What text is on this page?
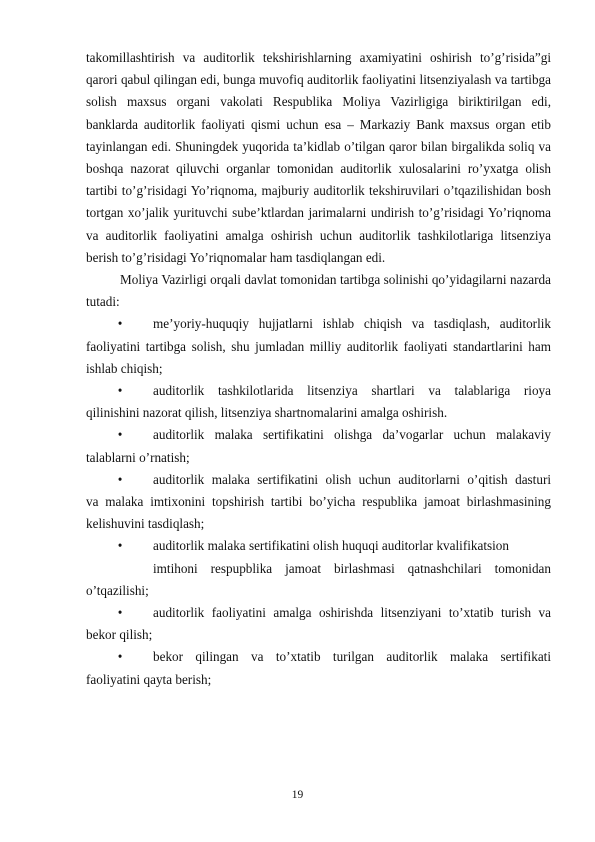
takomillashtirish va auditorlik tekshirishlarning axamiyatini oshirish to’g’risida”gi qarori qabul qilingan edi, bunga muvofiq auditorlik faoliyatini litsenziyalash va tartibga solish maxsus organi vakolati Respublika Moliya Vazirligiga biriktirilgan edi, banklarda auditorlik faoliyati qismi uchun esa – Markaziy Bank maxsus organ etib tayinlangan edi. Shuningdek yuqorida ta’kidlab o’tilgan qaror bilan birgalikda soliq va boshqa nazorat qiluvchi organlar tomonidan auditorlik xulosalarini ro’yxatga olish tartibi to’g’risidagi Yo’riqnoma, majburiy auditorlik tekshiruvilari o’tqazilishidan bosh tortgan xo’jalik yurituvchi sube’ktlardan jarimalarni undirish to’g’risidagi Yo’riqnoma va auditorlik faoliyatini amalga oshirish uchun auditorlik tashkilotlariga litsenziya berish to’g’risidagi Yo’riqnomalar ham tasdiqlangan edi.

Moliya Vazirligi orqali davlat tomonidan tartibga solinishi qo’yidagilarni nazarda tutadi:

• me’yoriy-huquqiy hujjatlarni ishlab chiqish va tasdiqlash, auditorlik
faoliyatini tartibga solish, shu jumladan milliy auditorlik faoliyati standartlarini ham ishlab chiqish;

• auditorlik tashkilotlarida litsenziya shartlari va talablariga rioya
qilinishini nazorat qilish, litsenziya shartnomalarini amalga oshirish.

• auditorlik malaka sertifikatini olishga da’vogarlar uchun malakaviy
talablarni o’rnatish;

• auditorlik malaka sertifikatini olish uchun auditorlarni o’qitish dasturi
va malaka imtixonini topshirish tartibi bo’yicha respublika jamoat birlashmasining kelishuvini tasdiqlash;

• auditorlik malaka sertifikatini olish huquqi auditorlar kvalifikatsion
imtihoni respupblika jamoat birlashmasi qatnashchilari tomonidan
o’tqazilishi;

• auditorlik faoliyatini amalga oshirishda litsenziyani to’xtatib turish va
bekor qilish;

• bekor qilingan va to’xtatib turilgan auditorlik malaka sertifikati
faoliyatini qayta berish;

19
